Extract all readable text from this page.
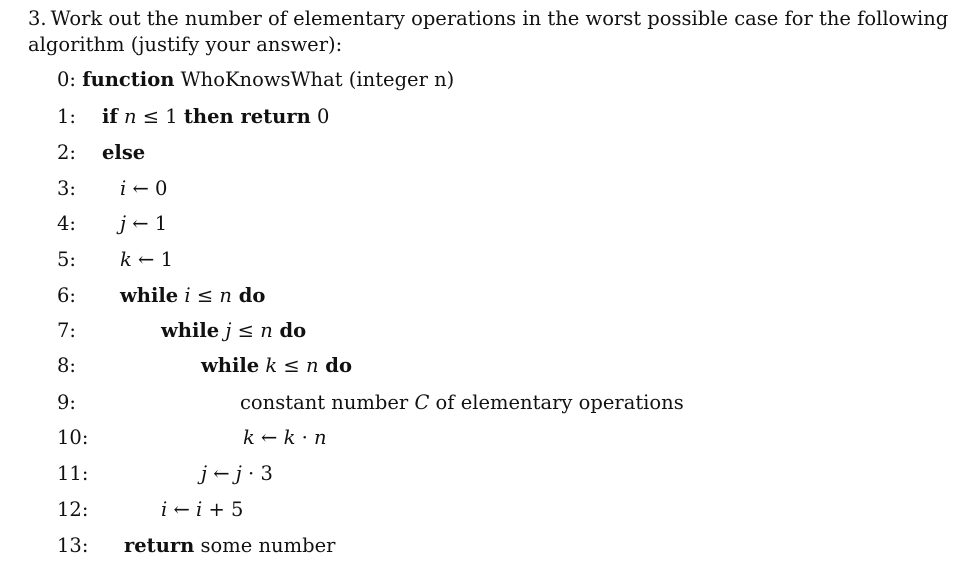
3. Work out the number of elementary operations in the worst possible case for the following algorithm (justify your answer):
0: function WhoKnowsWhat (integer n)
1: if n ≤ 1 then return 0
2: else
3: i ← 0
4: j ← 1
5: k ← 1
6: while i ≤ n do
7:	while j ≤ n do
8:	while k ≤ n do
9:	constant number C of elementary operations
10:	k ← k · n
11:	j ← j · 3
12:	i ← i + 5
13: return some number
